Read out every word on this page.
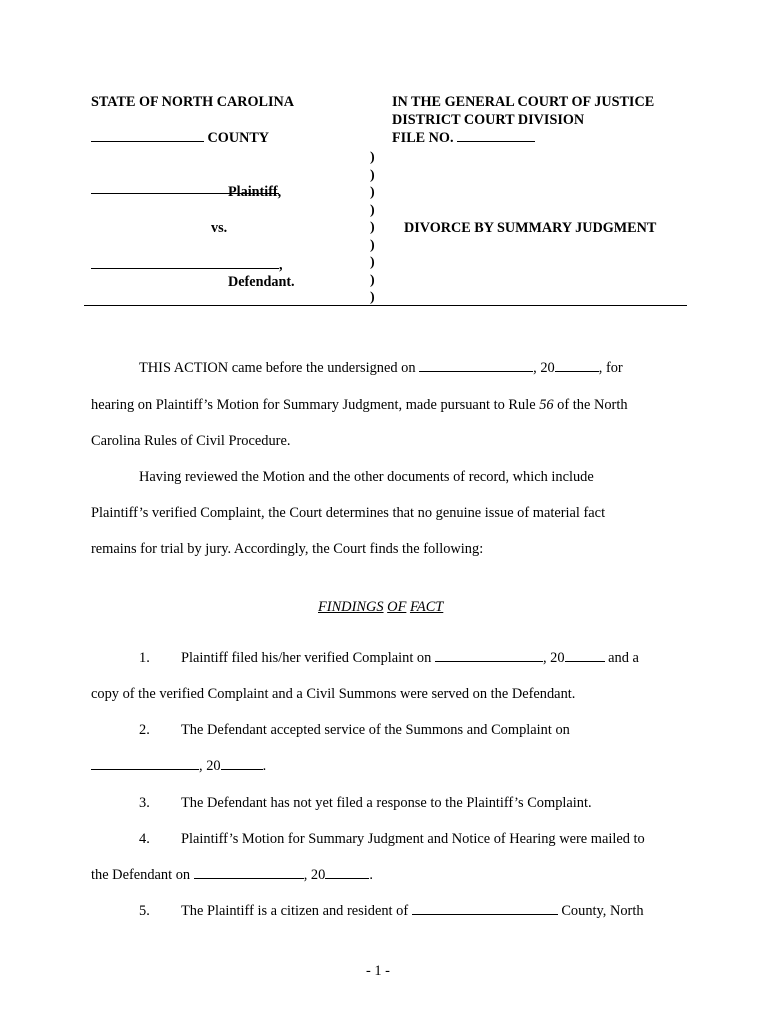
STATE OF NORTH CAROLINA
COUNTY
IN THE GENERAL COURT OF JUSTICE
DISTRICT COURT DIVISION
FILE NO.
)
)
)
)
)
)
)
)
)
Plaintiff,
vs.	DIVORCE BY SUMMARY JUDGMENT
,
Defendant.
THIS ACTION came before the undersigned on	, 20	, for
hearing on Plaintiff’s Motion for Summary Judgment, made pursuant to Rule 56 of the North
Carolina Rules of Civil Procedure.
Having reviewed the Motion and the other documents of record, which include
Plaintiff’s verified Complaint, the Court determines that no genuine issue of material fact
remains for trial by jury. Accordingly, the Court finds the following:
FINDINGS OF FACT
1. Plaintiff filed his/her verified Complaint on	, 20	and a
copy of the verified Complaint and a Civil Summons were served on the Defendant.
2. The Defendant accepted service of the Summons and Complaint on
, 20	.
3. The Defendant has not yet filed a response to the Plaintiff’s Complaint.
4. Plaintiff’s Motion for Summary Judgment and Notice of Hearing were mailed to
the Defendant on	, 20	.
5. The Plaintiff is a citizen and resident of	County, North
- 1 -
